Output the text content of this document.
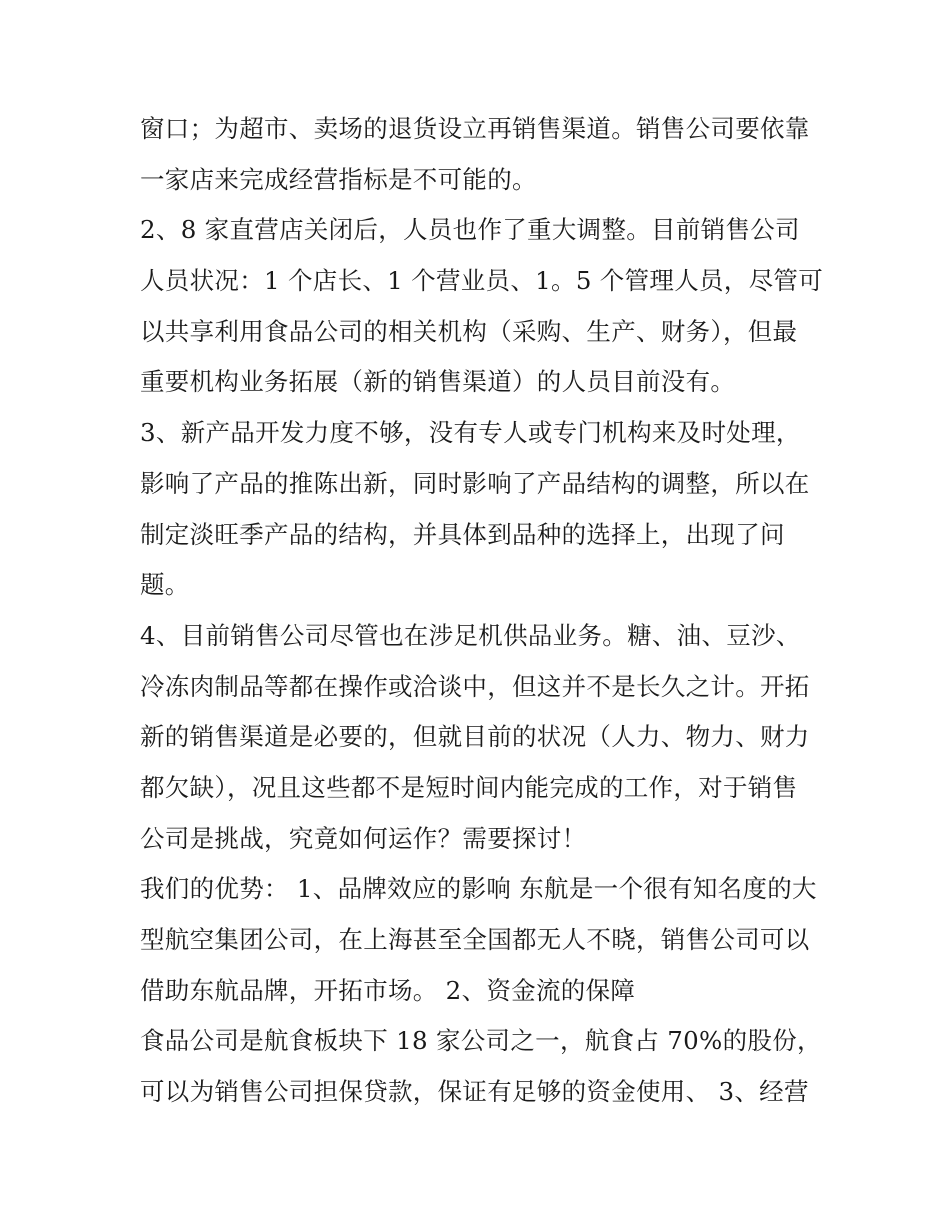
窗口；为超市、卖场的退货设立再销售渠道。销售公司要依靠
一家店来完成经营指标是不可能的。
2、8 家直营店关闭后，人员也作了重大调整。目前销售公司
人员状况：1 个店长、1 个营业员、1。5 个管理人员，尽管可
以共享利用食品公司的相关机构（采购、生产、财务），但最
重要机构业务拓展（新的销售渠道）的人员目前没有。
3、新产品开发力度不够，没有专人或专门机构来及时处理，
影响了产品的推陈出新，同时影响了产品结构的调整，所以在
制定淡旺季产品的结构，并具体到品种的选择上，出现了问
题。
4、目前销售公司尽管也在涉足机供品业务。糖、油、豆沙、
冷冻肉制品等都在操作或洽谈中，但这并不是长久之计。开拓
新的销售渠道是必要的，但就目前的状况（人力、物力、财力
都欠缺），况且这些都不是短时间内能完成的工作，对于销售
公司是挑战，究竟如何运作？需要探讨！
我们的优势： 1、品牌效应的影响 东航是一个很有知名度的大
型航空集团公司，在上海甚至全国都无人不晓，销售公司可以
借助东航品牌，开拓市场。 2、资金流的保障
食品公司是航食板块下 18 家公司之一，航食占 70%的股份，
可以为销售公司担保贷款，保证有足够的资金使用、 3、经营
